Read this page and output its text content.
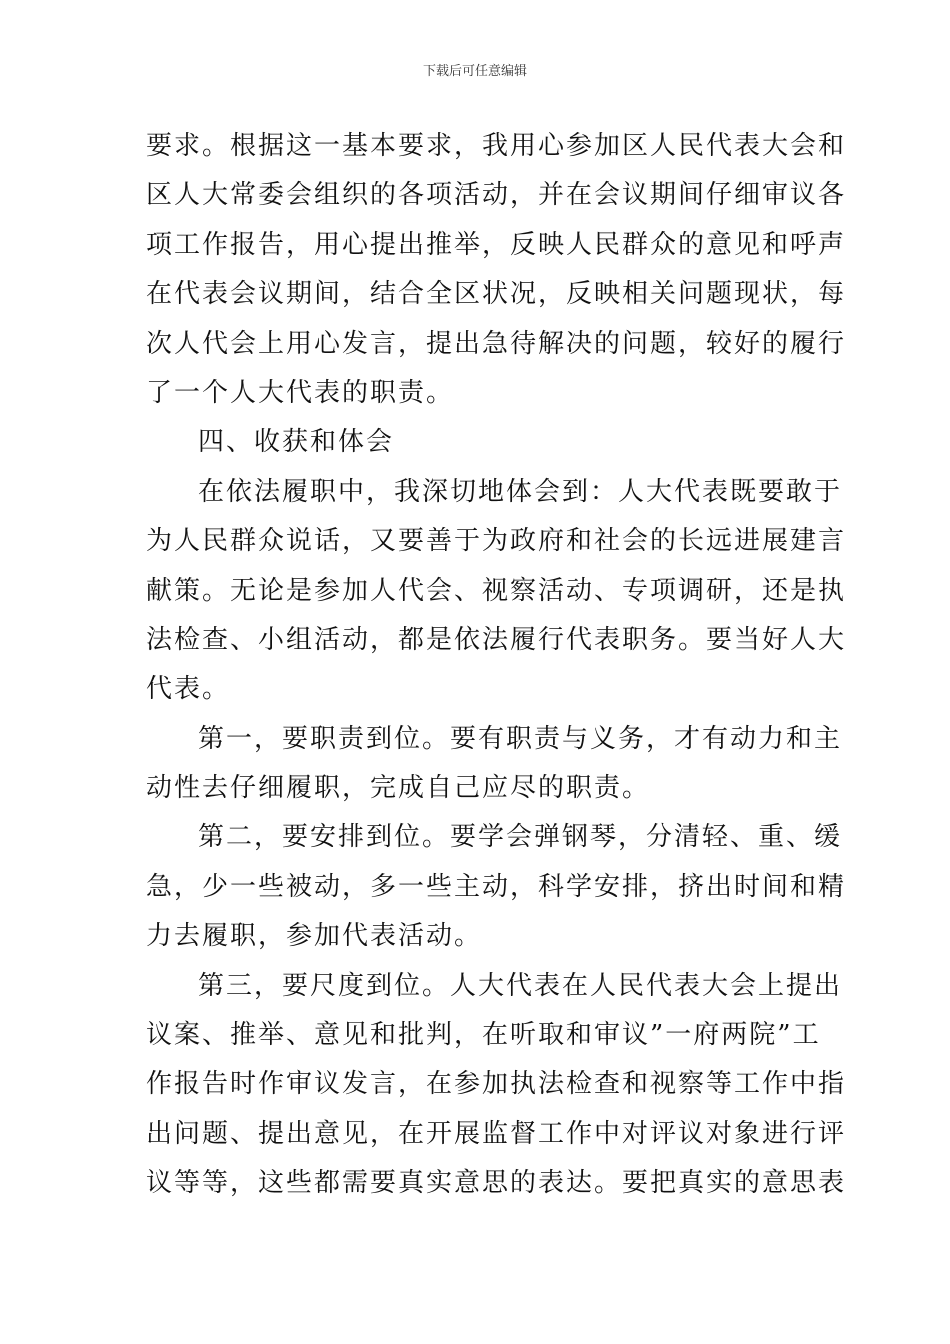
下载后可任意编辑
要求。根据这一基本要求，我用心参加区人民代表大会和
区人大常委会组织的各项活动，并在会议期间仔细审议各
项工作报告，用心提出推举，反映人民群众的意见和呼声
在代表会议期间，结合全区状况，反映相关问题现状，每
次人代会上用心发言，提出急待解决的问题，较好的履行
了一个人大代表的职责。
四、收获和体会
在依法履职中，我深切地体会到：人大代表既要敢于
为人民群众说话，又要善于为政府和社会的长远进展建言
献策。无论是参加人代会、视察活动、专项调研，还是执
法检查、小组活动，都是依法履行代表职务。要当好人大
代表。
第一，要职责到位。要有职责与义务，才有动力和主
动性去仔细履职，完成自己应尽的职责。
第二，要安排到位。要学会弹钢琴，分清轻、重、缓
急，少一些被动，多一些主动，科学安排，挤出时间和精
力去履职，参加代表活动。
第三，要尺度到位。人大代表在人民代表大会上提出
议案、推举、意见和批判，在听取和审议”一府两院”工
作报告时作审议发言，在参加执法检查和视察等工作中指
出问题、提出意见，在开展监督工作中对评议对象进行评
议等等，这些都需要真实意思的表达。要把真实的意思表
